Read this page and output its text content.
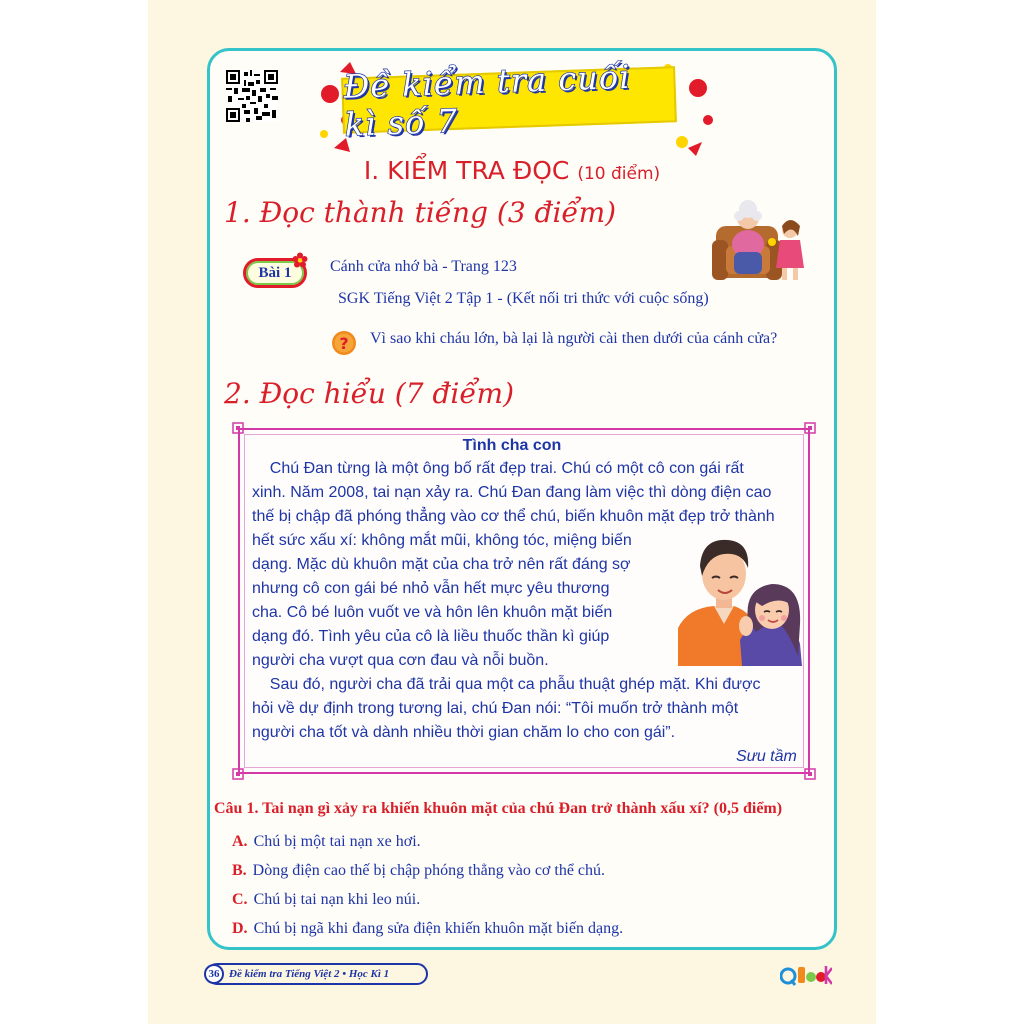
Đề kiểm tra cuối kì số 7
I. KIỂM TRA ĐỌC (10 điểm)
1. Đọc thành tiếng (3 điểm)
Bài 1	Cánh cửa nhớ bà - Trang 123
SGK Tiếng Việt 2 Tập 1 - (Kết nối tri thức với cuộc sống)
? Vì sao khi cháu lớn, bà lại là người cài then dưới của cánh cửa?
2. Đọc hiểu (7 điểm)
Tình cha con
Chú Đan từng là một ông bố rất đẹp trai. Chú có một cô con gái rất
xinh. Năm 2008, tai nạn xảy ra. Chú Đan đang làm việc thì dòng điện cao
thế bị chập đã phóng thẳng vào cơ thể chú, biến khuôn mặt đẹp trở thành
hết sức xấu xí: không mắt mũi, không tóc, miệng biến
dạng. Mặc dù khuôn mặt của cha trở nên rất đáng sợ
nhưng cô con gái bé nhỏ vẫn hết mực yêu thương
cha. Cô bé luôn vuốt ve và hôn lên khuôn mặt biến
dạng đó. Tình yêu của cô là liều thuốc thần kì giúp
người cha vượt qua cơn đau và nỗi buồn.
Sau đó, người cha đã trải qua một ca phẫu thuật ghép mặt. Khi được
hỏi về dự định trong tương lai, chú Đan nói: “Tôi muốn trở thành một
người cha tốt và dành nhiều thời gian chăm lo cho con gái”.
Sưu tầm
Câu 1. Tai nạn gì xảy ra khiến khuôn mặt của chú Đan trở thành xấu xí? (0,5 điểm)
A. Chú bị một tai nạn xe hơi.
B. Dòng điện cao thế bị chập phóng thẳng vào cơ thể chú.
C. Chú bị tai nạn khi leo núi.
D. Chú bị ngã khi đang sửa điện khiến khuôn mặt biến dạng.
36 Đề kiểm tra Tiếng Việt 2 • Học Kì 1
